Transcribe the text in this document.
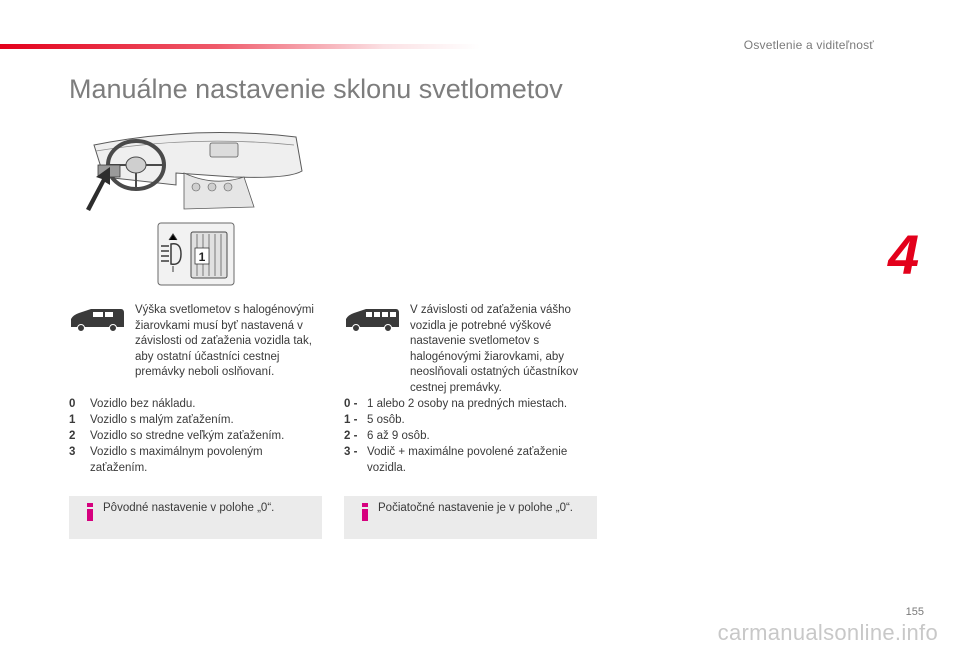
Osvetlenie a viditeľnosť
Manuálne nastavenie sklonu svetlometov
4
1
Výška svetlometov s halogénovými žiarovkami musí byť nastavená v závislosti od zaťaženia vozidla tak, aby ostatní účastníci cestnej premávky neboli oslňovaní.
0	Vozidlo bez nákladu.
1	Vozidlo s malým zaťažením.
2	Vozidlo so stredne veľkým zaťažením.
3	Vozidlo s maximálnym povoleným zaťažením.
Pôvodné nastavenie v polohe „0“.
V závislosti od zaťaženia vášho vozidla je potrebné výškové nastavenie svetlometov s halogénovými žiarovkami, aby neoslňovali ostatných účastníkov cestnej premávky.
0 - 1 alebo 2 osoby na predných miestach.
1 - 5 osôb.
2 - 6 až 9 osôb.
3 - Vodič + maximálne povolené zaťaženie vozidla.
Počiatočné nastavenie je v polohe „0“.
155
carmanualsonline.info
